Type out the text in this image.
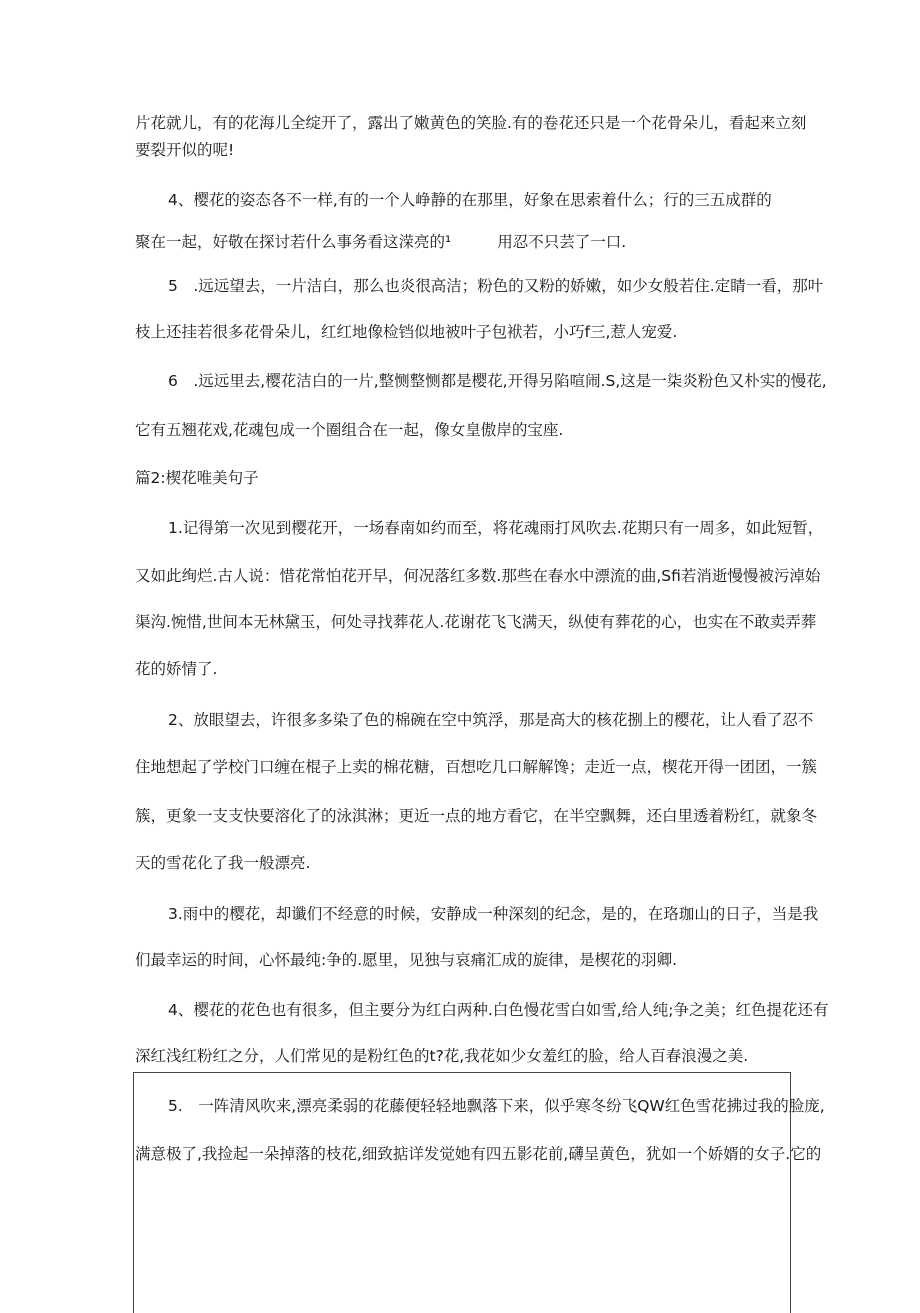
片花就儿，有的花海儿全绽开了，露出了嫩黄色的笑脸.有的卷花还只是一个花骨朵儿，看起来立刻

要裂开似的呢!

4、樱花的姿态各不一样,有的一个人峥静的在那里，好象在思索着什么；行的三五成群的

聚在一起，好敬在探讨若什么事务看这溁亮的¹	用忍不只芸了一口.

5　.远远望去，一片洁白，那么也炎很高洁；粉色的又粉的娇嫩，如少女般若住.定睛一看，那叶

枝上还挂若很多花骨朵儿，红红地像检铛似地被叶子包袱若，小巧f三,惹人宠爱.

6　.远远里去,樱花洁白的一片,整恻整恻都是樱花,开得另陷喧闹.S,这是一柒炎粉色又朴实的慢花,

它有五翘花戏,花魂包成一个圈组合在一起，像女皇傲岸的宝座.

篇2:楔花唯美句子

1.记得第一次见到樱花开，一场春南如约而至，将花魂雨打风吹去.花期只有一周多，如此短暂，

又如此绚烂.古人说：惜花常怕花开早，何况落红多数.那些在春水中漂流的曲,Sfi若消逝慢慢被污淖始

渠沟.惋惜,世间本无林黛玉，何处寻找葬花人.花谢花飞飞满天，纵使有葬花的心，也实在不敢卖弄葬

花的娇情了.

2、放眼望去，许很多多染了色的棉碗在空中筑浮，那是高大的核花捌上的樱花，让人看了忍不

住地想起了学校门口缠在棍子上卖的棉花糖，百想吃几口解解馋；走近一点，楔花开得一团团，一簇

簇，更象一支支快要溶化了的泳淇淋；更近一点的地方看它，在半空飘舞，还白里透着粉红，就象冬

天的雪花化了我一般漂亮.

3.雨中的樱花，却谶们不经意的时候，安静成一种深刻的纪念，是的，在珞珈山的日子，当是我

们最幸运的时间，心怀最纯:争的.愿里，见独与哀痛汇成的旋律，是楔花的羽卿.

4、樱花的花色也有很多，但主要分为红白两种.白色慢花雪白如雪,给人纯;争之美；红色提花还有

深红浅红粉红之分，人们常见的是粉红色的t?花,我花如少女羞红的脸，给人百春浪漫之美.

5.　一阵清风吹来,漂亮柔弱的花藤便轻轻地飘落下来，似乎寒冬纷飞QW红色雪花拂过我的脸庞,

满意极了,我捡起一朵掉落的枝花,细致掂详发觉她有四五影花前,礴呈黄色，犹如一个娇婿的女子.它的
